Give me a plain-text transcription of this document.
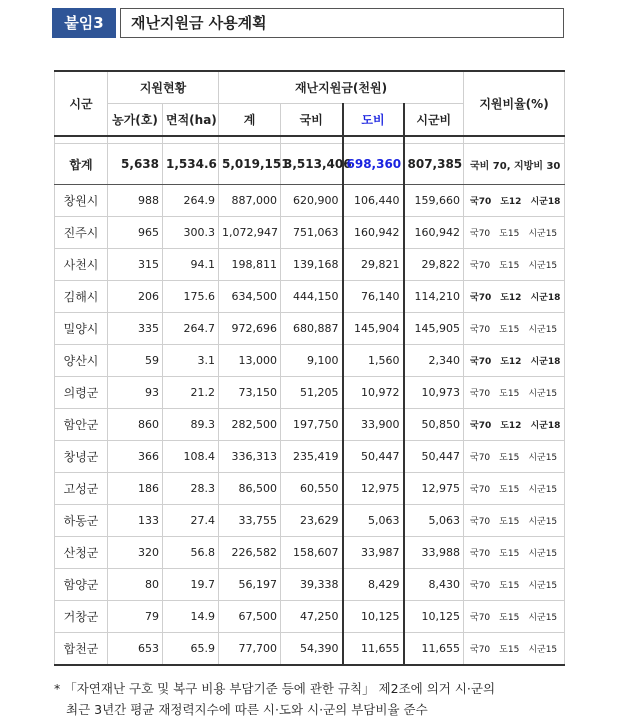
붙임3	재난지원금 사용계획
시군	지원현황		재난지원금(천원)				지원비율(%)
	농가(호)	면적(ha)	계	국비	도비	시군비	

합계	5,638	1,534.6	5,019,151	3,513,406	698,360	807,385	국비 70, 지방비 30
창원시	988	264.9	887,000	620,900	106,440	159,660	국70 도12 시군18
진주시	965	300.3	1,072,947	751,063	160,942	160,942	국70 도15 시군15
사천시	315	94.1	198,811	139,168	29,821	29,822	국70 도15 시군15
김해시	206	175.6	634,500	444,150	76,140	114,210	국70 도12 시군18
밀양시	335	264.7	972,696	680,887	145,904	145,905	국70 도15 시군15
양산시	59	3.1	13,000	9,100	1,560	2,340	국70 도12 시군18
의령군	93	21.2	73,150	51,205	10,972	10,973	국70 도15 시군15
함안군	860	89.3	282,500	197,750	33,900	50,850	국70 도12 시군18
창녕군	366	108.4	336,313	235,419	50,447	50,447	국70 도15 시군15
고성군	186	28.3	86,500	60,550	12,975	12,975	국70 도15 시군15
하동군	133	27.4	33,755	23,629	5,063	5,063	국70 도15 시군15
산청군	320	56.8	226,582	158,607	33,987	33,988	국70 도15 시군15
함양군	80	19.7	56,197	39,338	8,429	8,430	국70 도15 시군15
거창군	79	14.9	67,500	47,250	10,125	10,125	국70 도15 시군15
합천군	653	65.9	77,700	54,390	11,655	11,655	국70 도15 시군15
* 「자연재난 구호 및 복구 비용 부담기준 등에 관한 규칙」 제2조에 의거 시·군의
최근 3년간 평균 재정력지수에 따른 시·도와 시·군의 부담비율 준수
